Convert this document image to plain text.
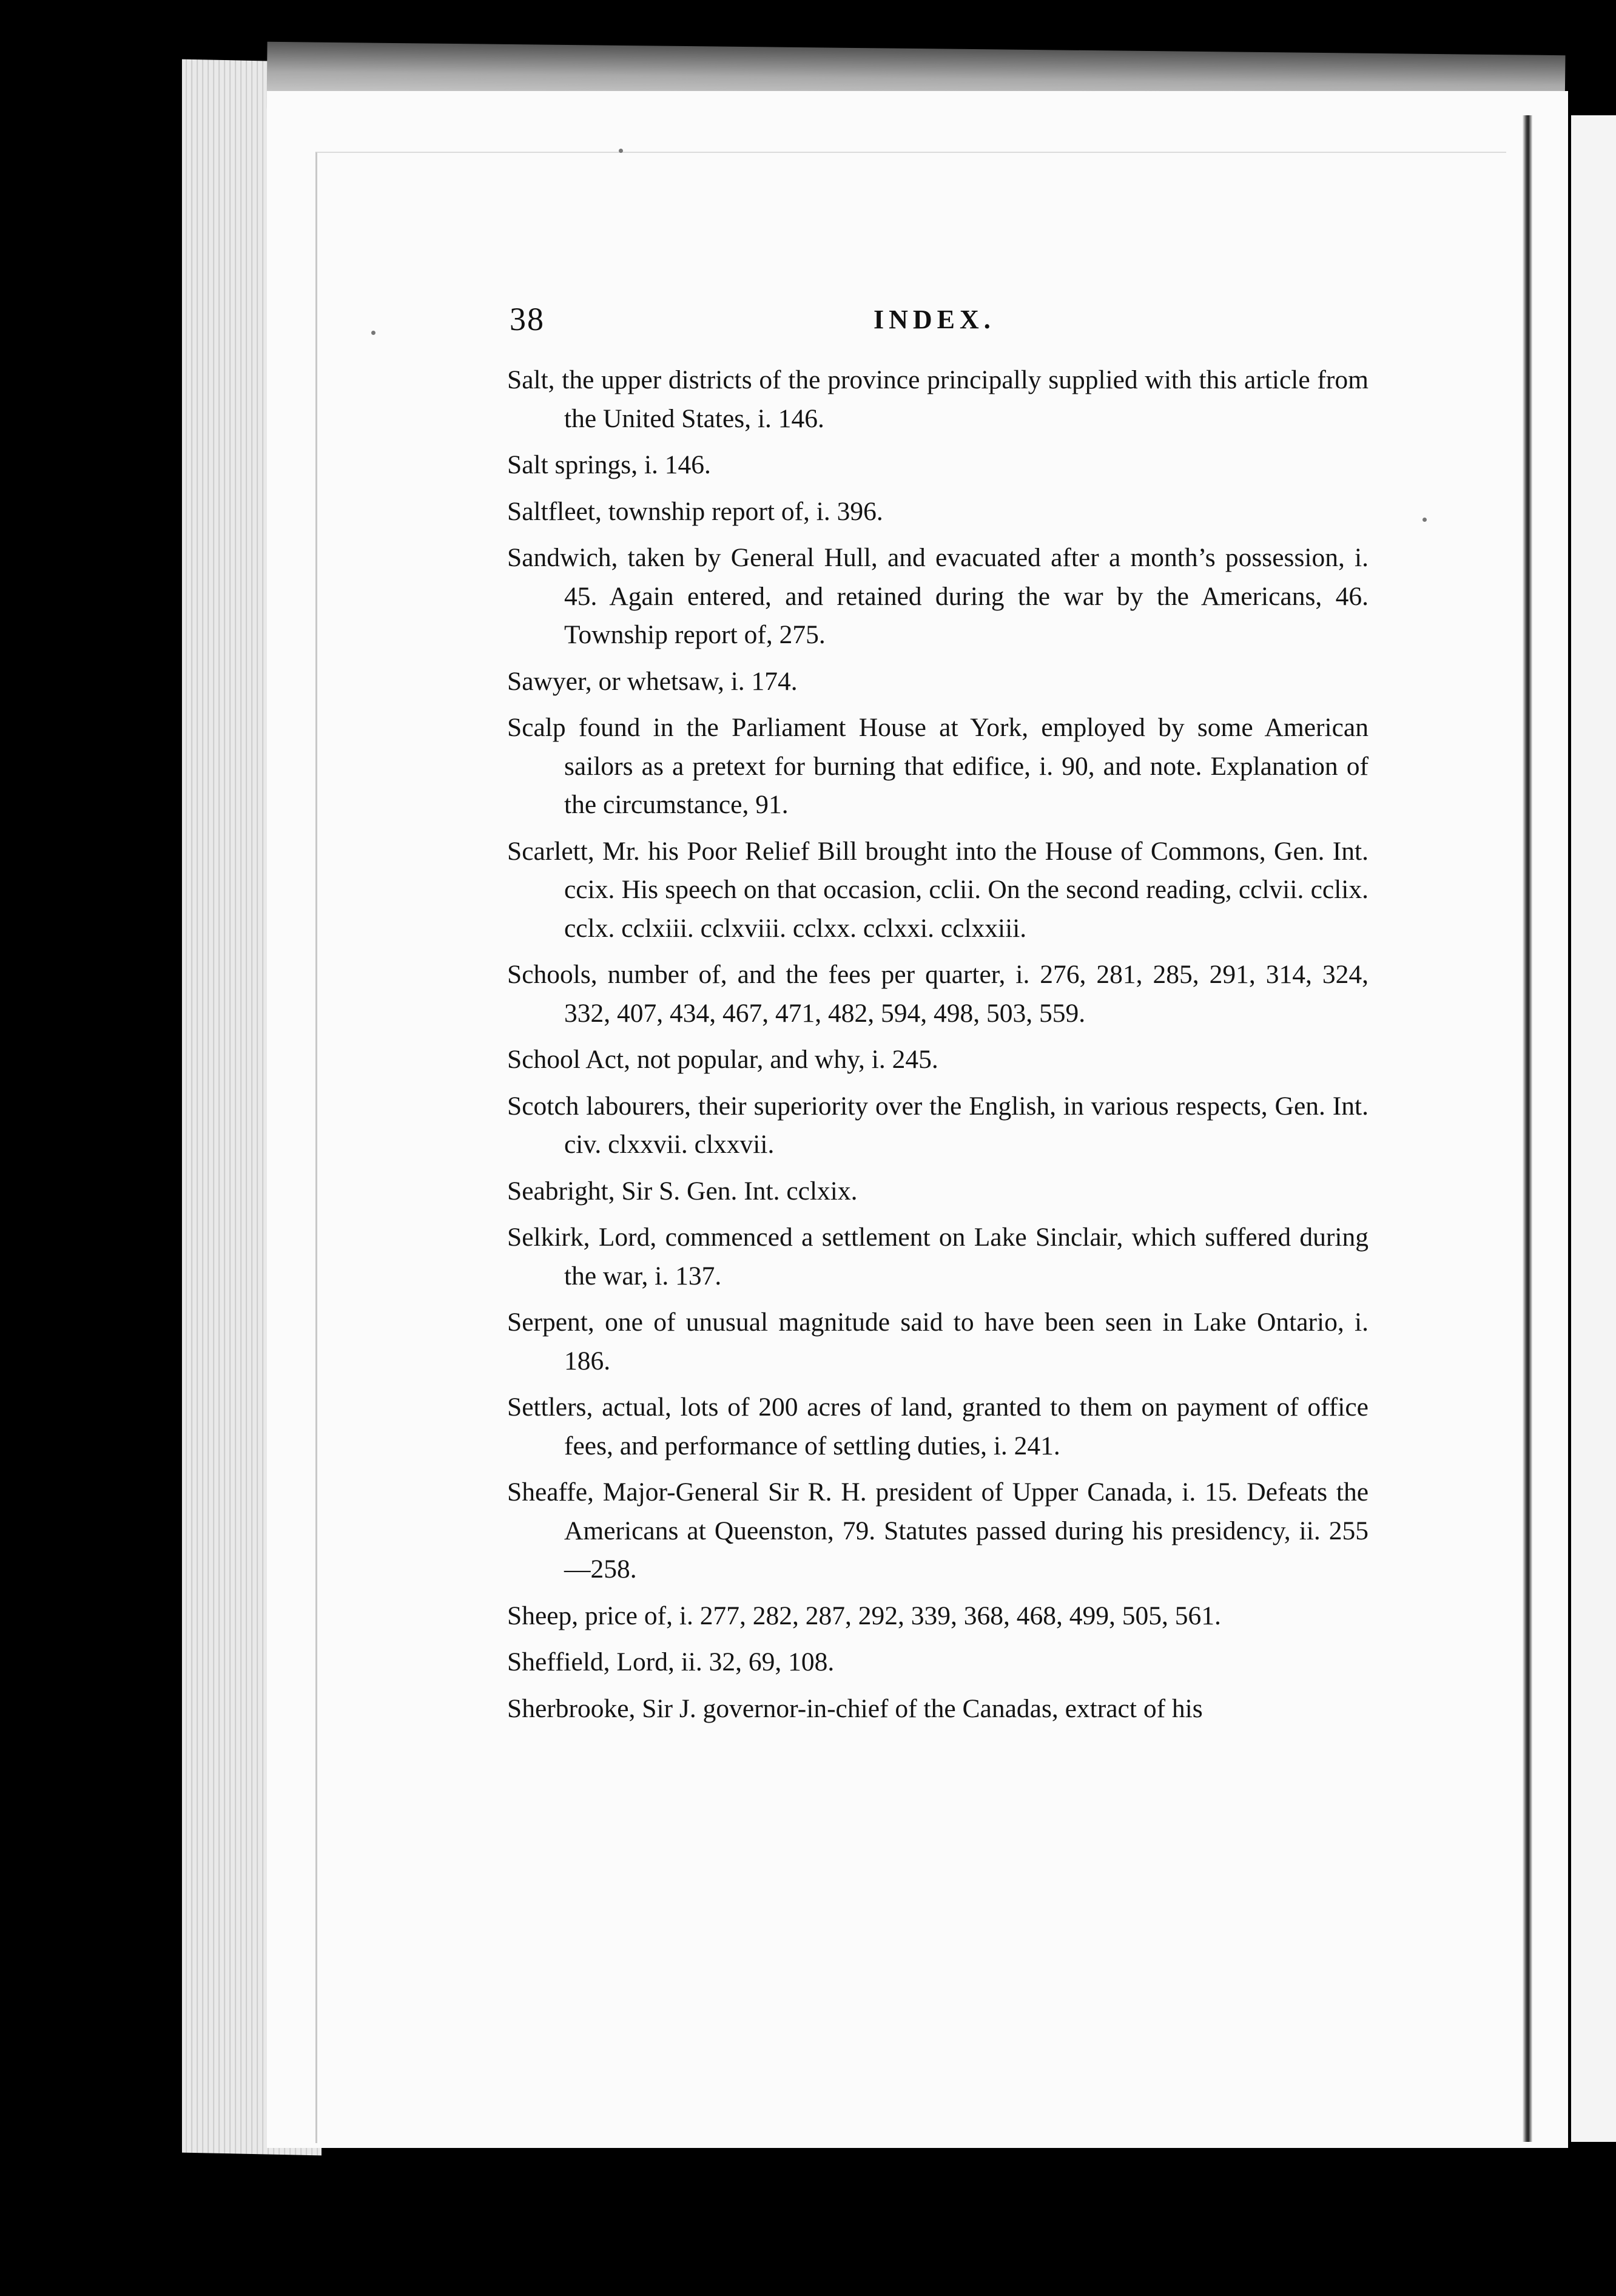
38	INDEX.

Salt, the upper districts of the province principally supplied with this article from the United States, i. 146.

Salt springs, i. 146.

Saltfleet, township report of, i. 396.

Sandwich, taken by General Hull, and evacuated after a month’s possession, i. 45. Again entered, and retained during the war by the Americans, 46. Township report of, 275.

Sawyer, or whetsaw, i. 174.

Scalp found in the Parliament House at York, employed by some American sailors as a pretext for burning that edifice, i. 90, and note. Explanation of the circumstance, 91.

Scarlett, Mr. his Poor Relief Bill brought into the House of Commons, Gen. Int. ccix. His speech on that occasion, cclii. On the second reading, cclvii. cclix. cclx. cclxiii. cclxviii. cclxx. cclxxi. cclxxiii.

Schools, number of, and the fees per quarter, i. 276, 281, 285, 291, 314, 324, 332, 407, 434, 467, 471, 482, 594, 498, 503, 559.

School Act, not popular, and why, i. 245.

Scotch labourers, their superiority over the English, in various respects, Gen. Int. civ. clxxvii. clxxvii.

Seabright, Sir S. Gen. Int. cclxix.

Selkirk, Lord, commenced a settlement on Lake Sinclair, which suffered during the war, i. 137.

Serpent, one of unusual magnitude said to have been seen in Lake Ontario, i. 186.

Settlers, actual, lots of 200 acres of land, granted to them on payment of office fees, and performance of settling duties, i. 241.

Sheaffe, Major-General Sir R. H. president of Upper Canada, i. 15. Defeats the Americans at Queenston, 79. Statutes passed during his presidency, ii. 255—258.

Sheep, price of, i. 277, 282, 287, 292, 339, 368, 468, 499, 505, 561.

Sheffield, Lord, ii. 32, 69, 108.

Sherbrooke, Sir J. governor-in-chief of the Canadas, extract of his
